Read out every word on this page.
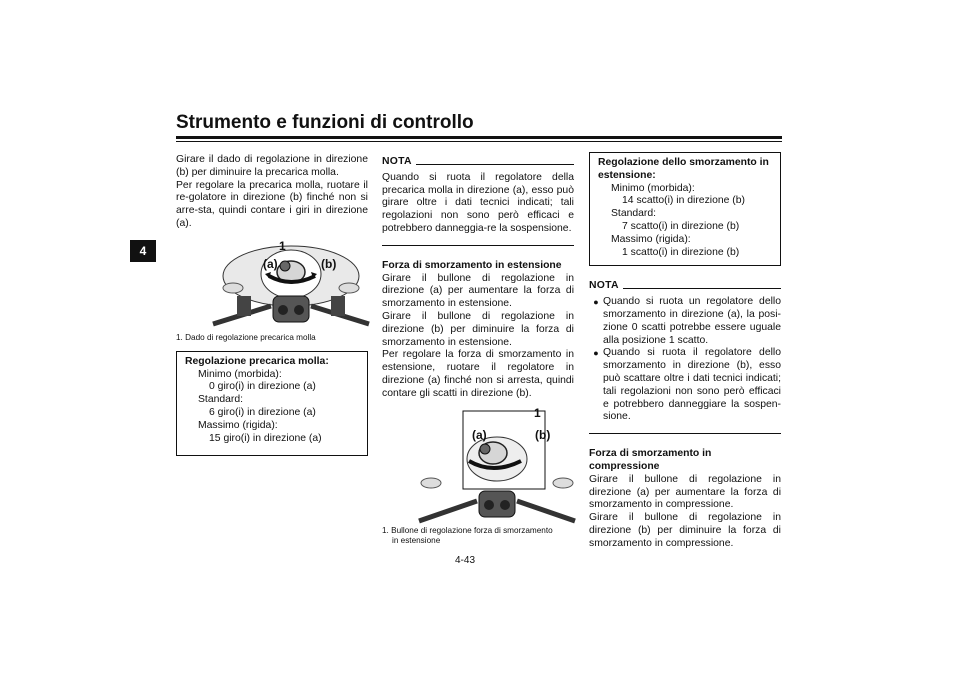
Strumento e funzioni di controllo
4

Girare il dado di regolazione in direzione (b) per diminuire la precarica molla.

Per regolare la precarica molla, ruotare il re-golatore in direzione (b) finché non si arre-sta, quindi contare i giri in direzione (a).

1
(a)	(b)
1. Dado di regolazione precarica molla
Regolazione precarica molla:
Minimo (morbida):
0 giro(i) in direzione (a)
Standard:
6 giro(i) in direzione (a)
Massimo (rigida):
15 giro(i) in direzione (a)
NOTA

Quando si ruota il regolatore della precarica molla in direzione (a), esso può girare oltre i dati tecnici indicati; tali regolazioni non sono però efficaci e potrebbero danneggia-re la sospensione.

Forza di smorzamento in estensione

Girare il bullone di regolazione in direzione (a) per aumentare la forza di smorzamento in estensione.

Girare il bullone di regolazione in direzione (b) per diminuire la forza di smorzamento in estensione.

Per regolare la forza di smorzamento in estensione, ruotare il regolatore in direzione (a) finché non si arresta, quindi contare gli scatti in direzione (b).

1
(a)	(b)
1. Bullone di regolazione forza di smorzamento
in estensione
Regolazione dello smorzamento in estensione:
Minimo (morbida):
14 scatto(i) in direzione (b)
Standard:
7 scatto(i) in direzione (b)
Massimo (rigida):
1 scatto(i) in direzione (b)
NOTA
● Quando si ruota un regolatore dello smorzamento in direzione (a), la posi-zione 0 scatti potrebbe essere uguale alla posizione 1 scatto.
● Quando si ruota il regolatore dello smorzamento in direzione (b), esso può scattare oltre i dati tecnici indicati; tali regolazioni non sono però efficaci e potrebbero danneggiare la sospen-sione.
Forza di smorzamento in compressione

Girare il bullone di regolazione in direzione (a) per aumentare la forza di smorzamento in compressione.

Girare il bullone di regolazione in direzione (b) per diminuire la forza di smorzamento in compressione.

4-43
